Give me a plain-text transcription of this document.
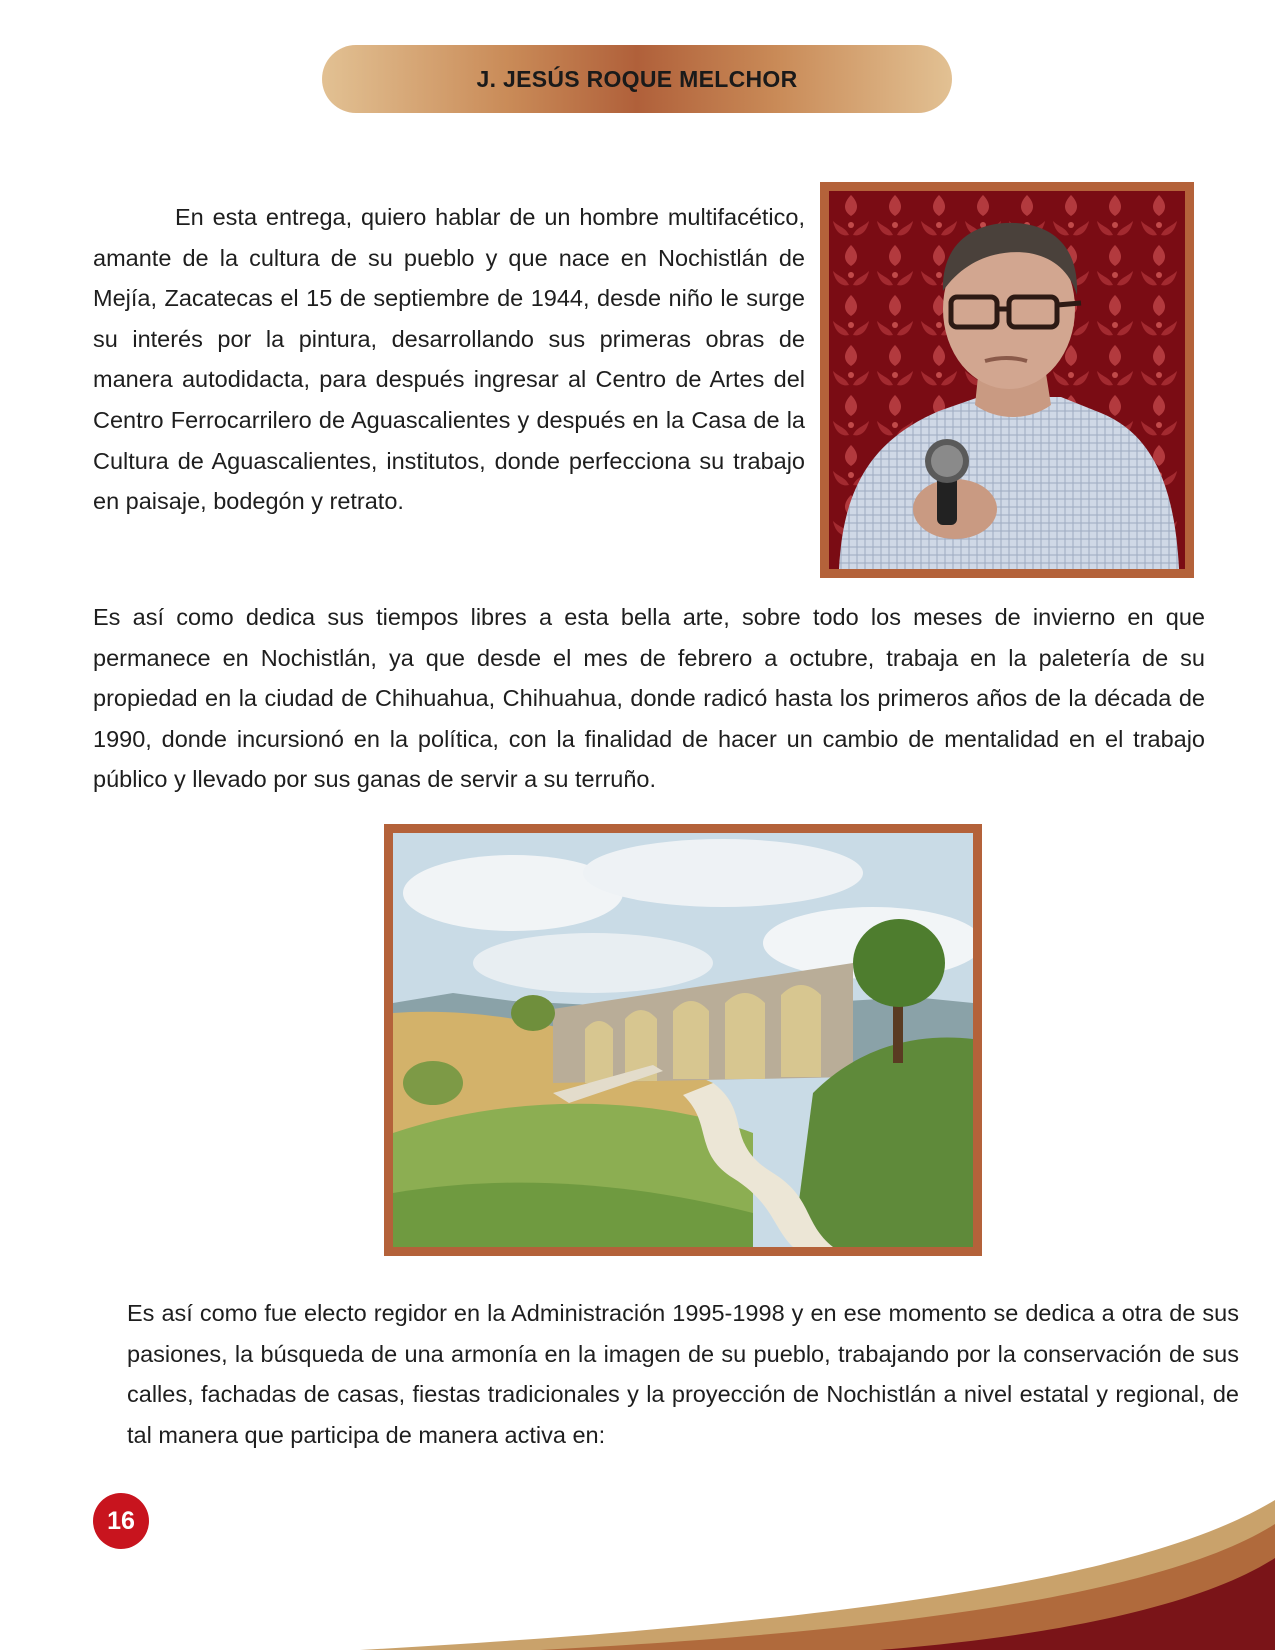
J. JESÚS ROQUE MELCHOR

En esta entrega, quiero hablar de un hombre multifacético, amante de la cultura de su pueblo y que nace en Nochistlán de Mejía, Zacatecas el 15 de septiembre de 1944, desde niño le surge su interés por la pintura, desarrollando sus primeras obras de manera autodidacta, para después ingresar al Centro de Artes del Centro Ferrocarrilero de Aguascalientes y después en la Casa de la Cultura de Aguascalientes, institutos, donde perfecciona su trabajo en paisaje, bodegón y retrato.

Es así como dedica sus tiempos libres a esta bella arte, sobre todo los meses de invierno en que permanece en Nochistlán, ya que desde el mes de febrero a octubre, trabaja en la paletería de su propiedad en la ciudad de Chihuahua, Chihuahua, donde radicó hasta los primeros años de la década de 1990, donde incursionó en la política, con la finalidad de hacer un cambio de mentalidad en el trabajo público y llevado por sus ganas de servir a su terruño.

Es así como fue electo regidor en la Administración 1995-1998 y en ese momento se dedica a otra de sus pasiones, la búsqueda de una armonía en la imagen de su pueblo, trabajando por la conservación de sus calles, fachadas de casas, fiestas tradicionales y la proyección de Nochistlán a nivel estatal y regional, de tal manera que participa de manera activa en:

16
